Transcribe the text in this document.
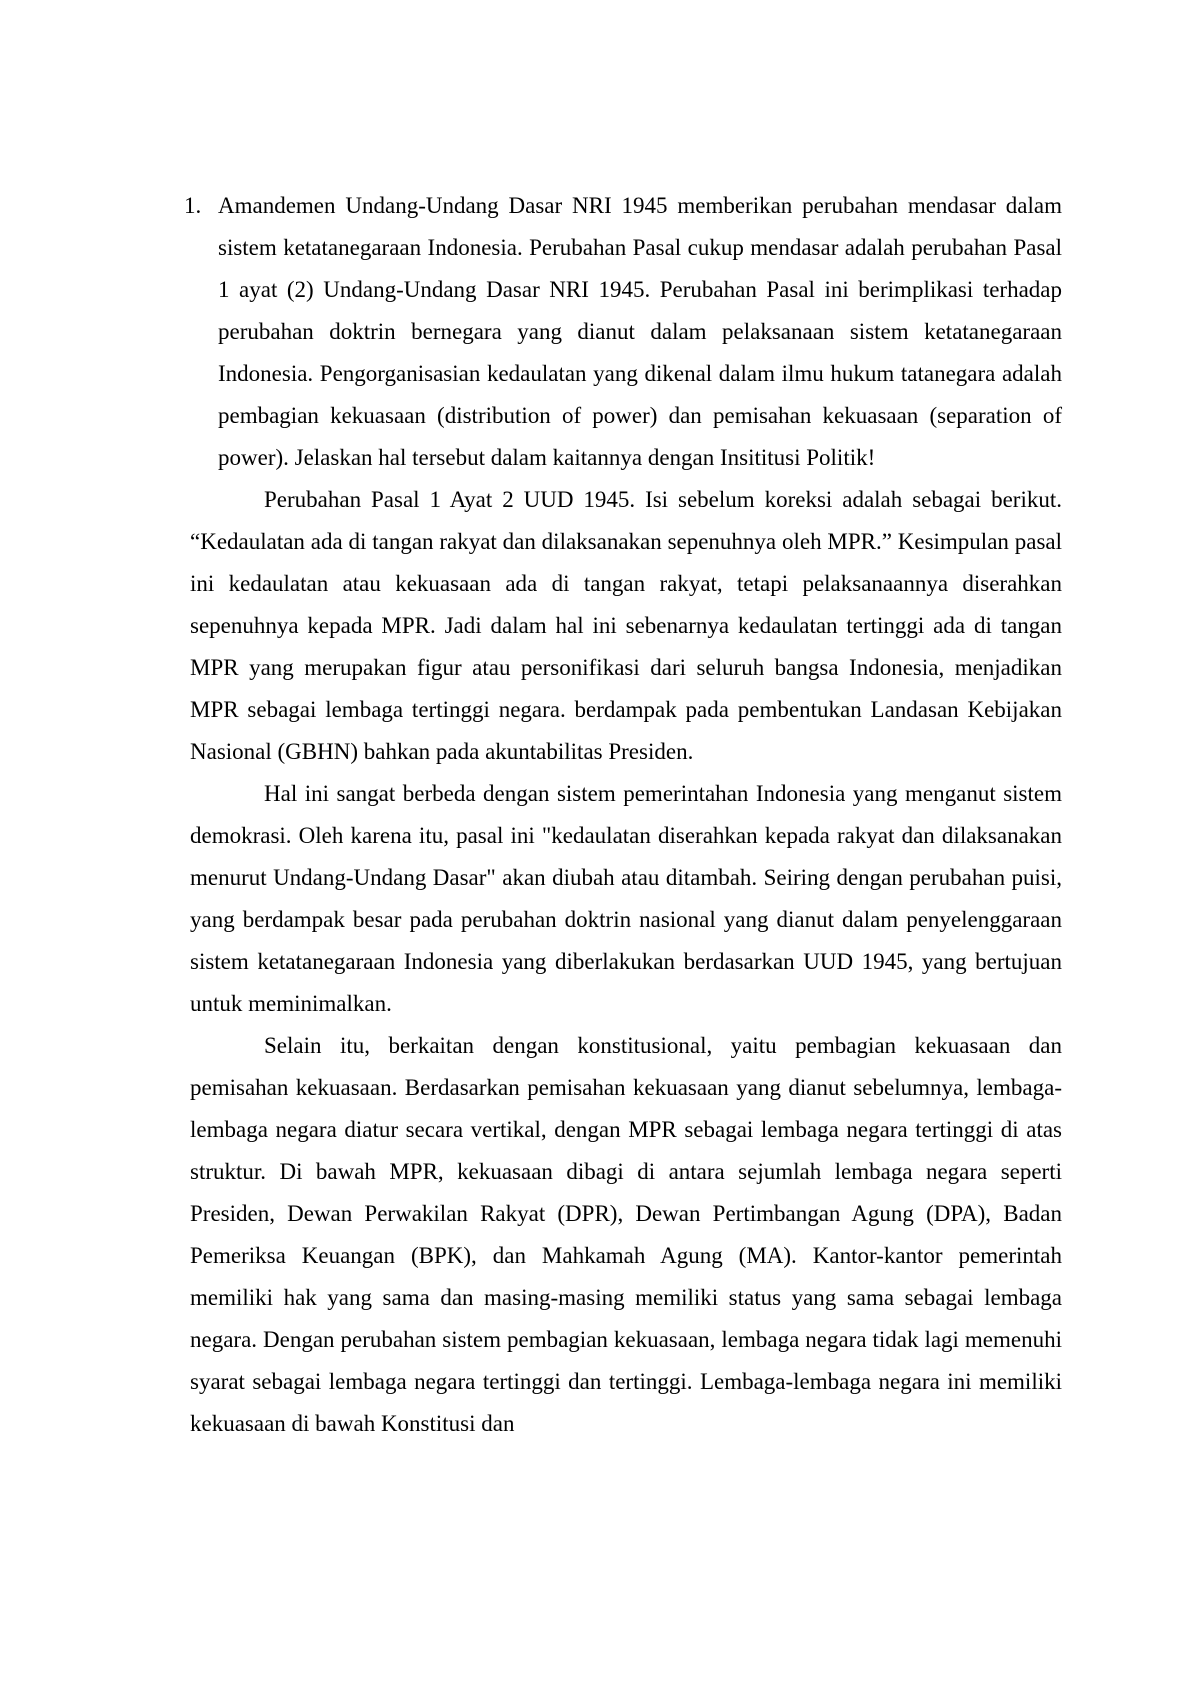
1. Amandemen Undang-Undang Dasar NRI 1945 memberikan perubahan mendasar dalam sistem ketatanegaraan Indonesia. Perubahan Pasal cukup mendasar adalah perubahan Pasal 1 ayat (2) Undang-Undang Dasar NRI 1945. Perubahan Pasal ini berimplikasi terhadap perubahan doktrin bernegara yang dianut dalam pelaksanaan sistem ketatanegaraan Indonesia. Pengorganisasian kedaulatan yang dikenal dalam ilmu hukum tatanegara adalah pembagian kekuasaan (distribution of power) dan pemisahan kekuasaan (separation of power). Jelaskan hal tersebut dalam kaitannya dengan Insititusi Politik!

Perubahan Pasal 1 Ayat 2 UUD 1945. Isi sebelum koreksi adalah sebagai berikut. “Kedaulatan ada di tangan rakyat dan dilaksanakan sepenuhnya oleh MPR.” Kesimpulan pasal ini kedaulatan atau kekuasaan ada di tangan rakyat, tetapi pelaksanaannya diserahkan sepenuhnya kepada MPR. Jadi dalam hal ini sebenarnya kedaulatan tertinggi ada di tangan MPR yang merupakan figur atau personifikasi dari seluruh bangsa Indonesia, menjadikan MPR sebagai lembaga tertinggi negara. berdampak pada pembentukan Landasan Kebijakan Nasional (GBHN) bahkan pada akuntabilitas Presiden.

Hal ini sangat berbeda dengan sistem pemerintahan Indonesia yang menganut sistem demokrasi. Oleh karena itu, pasal ini "kedaulatan diserahkan kepada rakyat dan dilaksanakan menurut Undang-Undang Dasar" akan diubah atau ditambah. Seiring dengan perubahan puisi, yang berdampak besar pada perubahan doktrin nasional yang dianut dalam penyelenggaraan sistem ketatanegaraan Indonesia yang diberlakukan berdasarkan UUD 1945, yang bertujuan untuk meminimalkan.

Selain itu, berkaitan dengan konstitusional, yaitu pembagian kekuasaan dan pemisahan kekuasaan. Berdasarkan pemisahan kekuasaan yang dianut sebelumnya, lembaga-lembaga negara diatur secara vertikal, dengan MPR sebagai lembaga negara tertinggi di atas struktur. Di bawah MPR, kekuasaan dibagi di antara sejumlah lembaga negara seperti Presiden, Dewan Perwakilan Rakyat (DPR), Dewan Pertimbangan Agung (DPA), Badan Pemeriksa Keuangan (BPK), dan Mahkamah Agung (MA). Kantor-kantor pemerintah memiliki hak yang sama dan masing-masing memiliki status yang sama sebagai lembaga negara. Dengan perubahan sistem pembagian kekuasaan, lembaga negara tidak lagi memenuhi syarat sebagai lembaga negara tertinggi dan tertinggi. Lembaga-lembaga negara ini memiliki kekuasaan di bawah Konstitusi dan
